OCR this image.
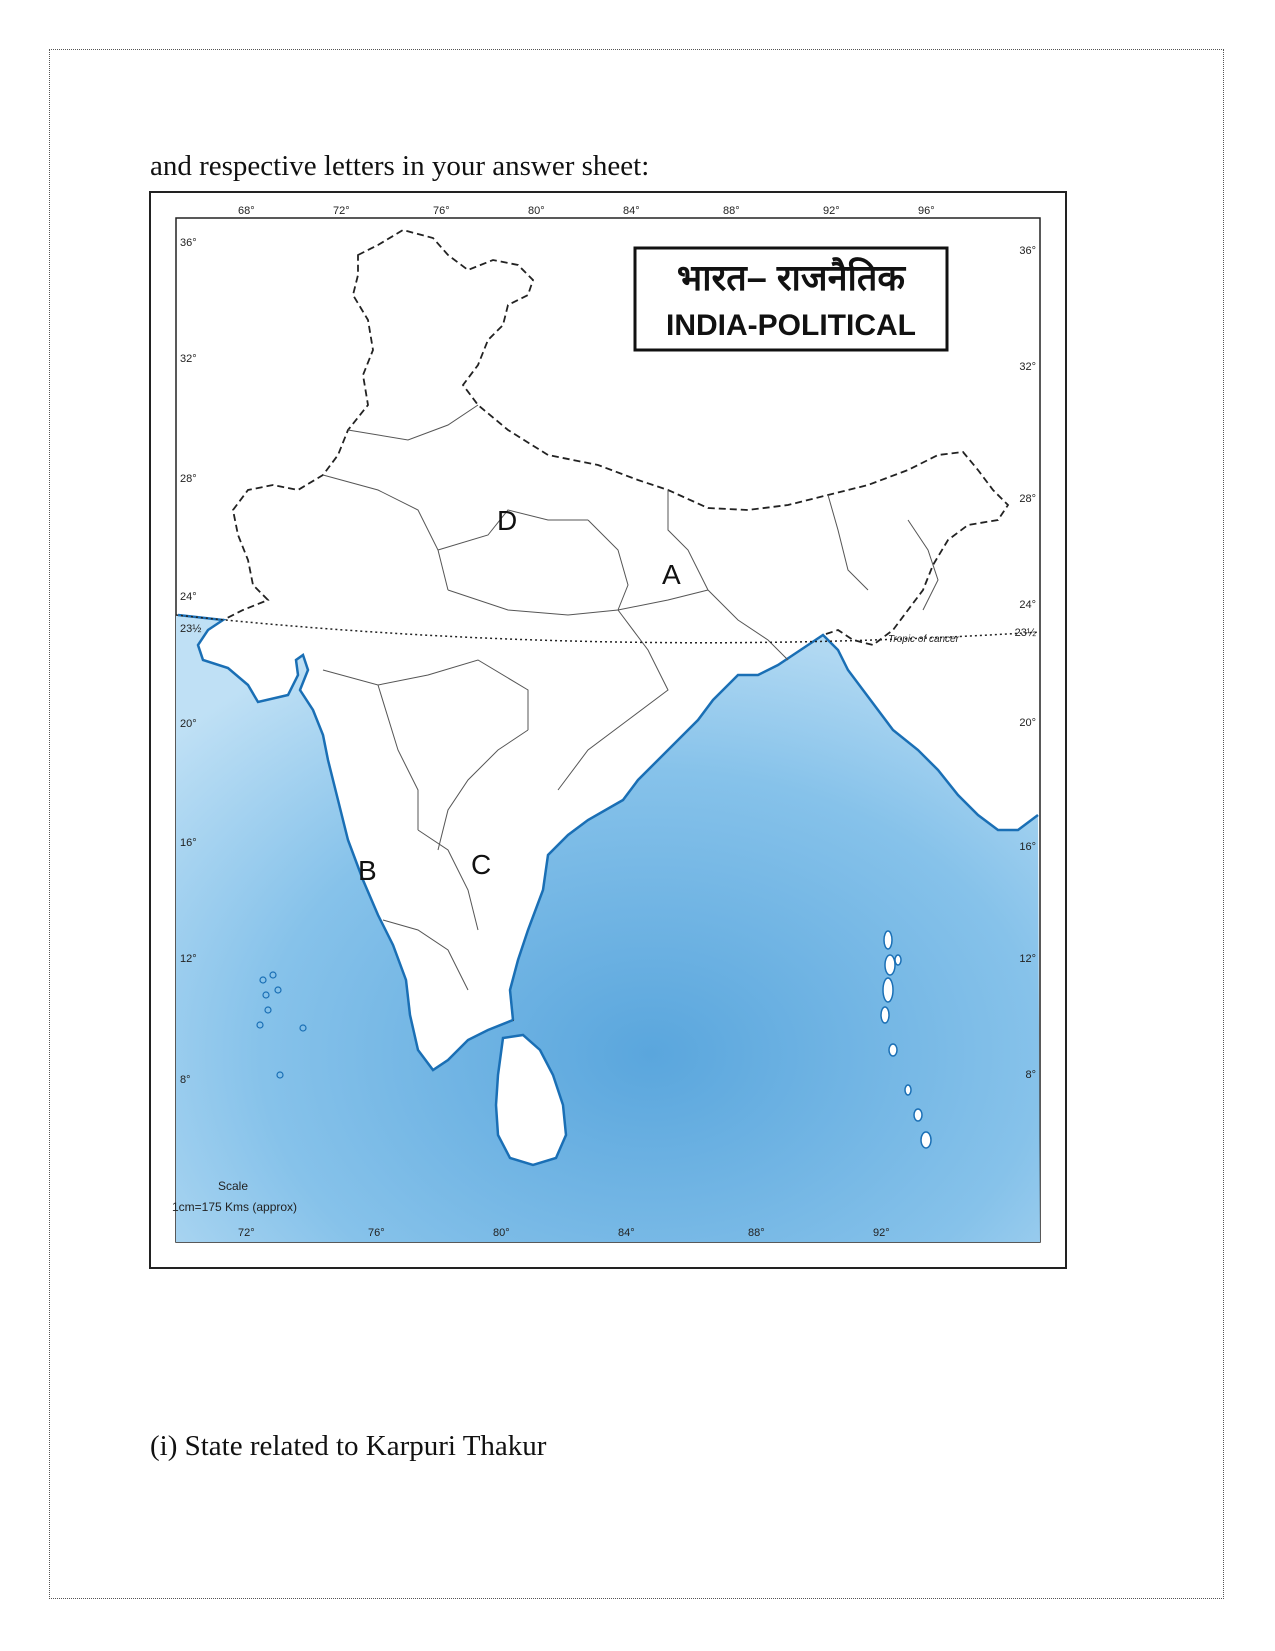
and respective letters in your answer sheet:
68°	72°	76°	80°	84°	88°	92°	96°
72°	76°	80°	84°	88°	92°
36°
32°
28°
24°
23½
20°
16°
12°
8°
36°
32°
28°
24°
23½
20°
16°
12°
8°
Tropic of cancer
भारत– राजनैतिक
INDIA-POLITICAL
A
B	C
D
Scale
1cm=175 Kms (approx)
(i) State related to Karpuri Thakur
